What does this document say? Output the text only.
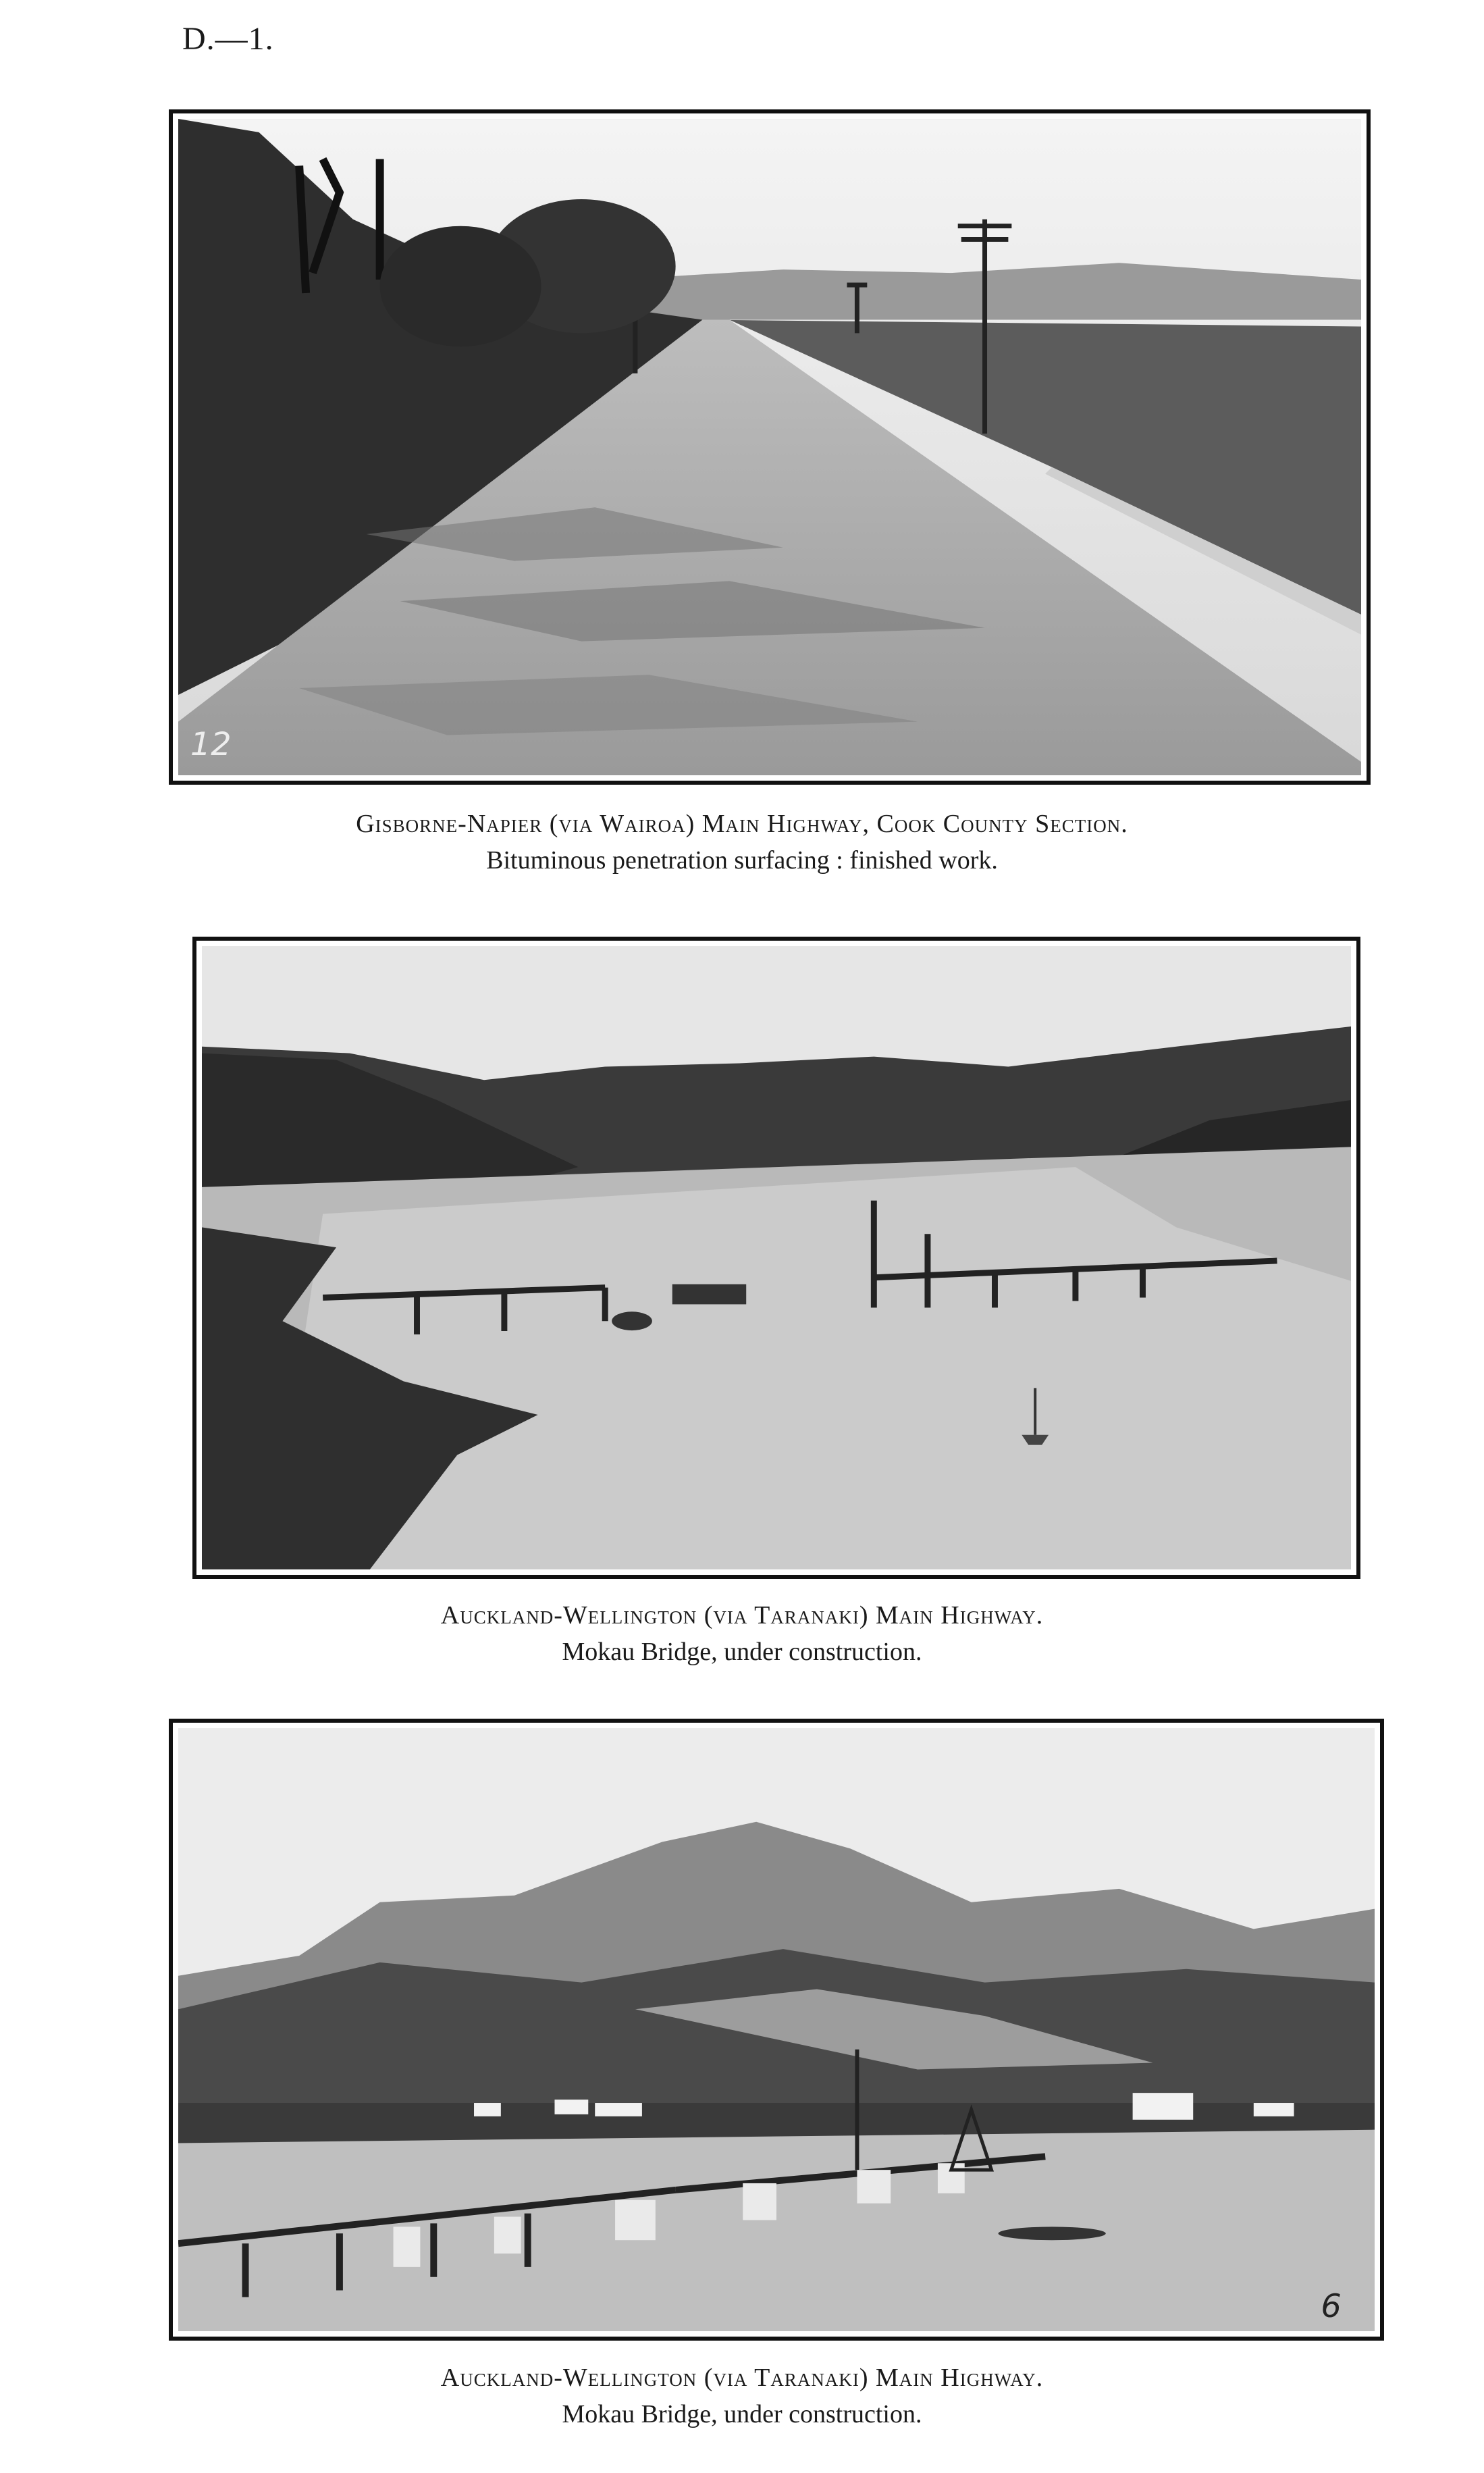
D.—1.
12
Gisborne-Napier (via Wairoa) Main Highway, Cook County Section.
Bituminous penetration surfacing : finished work.
Auckland-Wellington (via Taranaki) Main Highway.
Mokau Bridge, under construction.
6
Auckland-Wellington (via Taranaki) Main Highway.
Mokau Bridge, under construction.
